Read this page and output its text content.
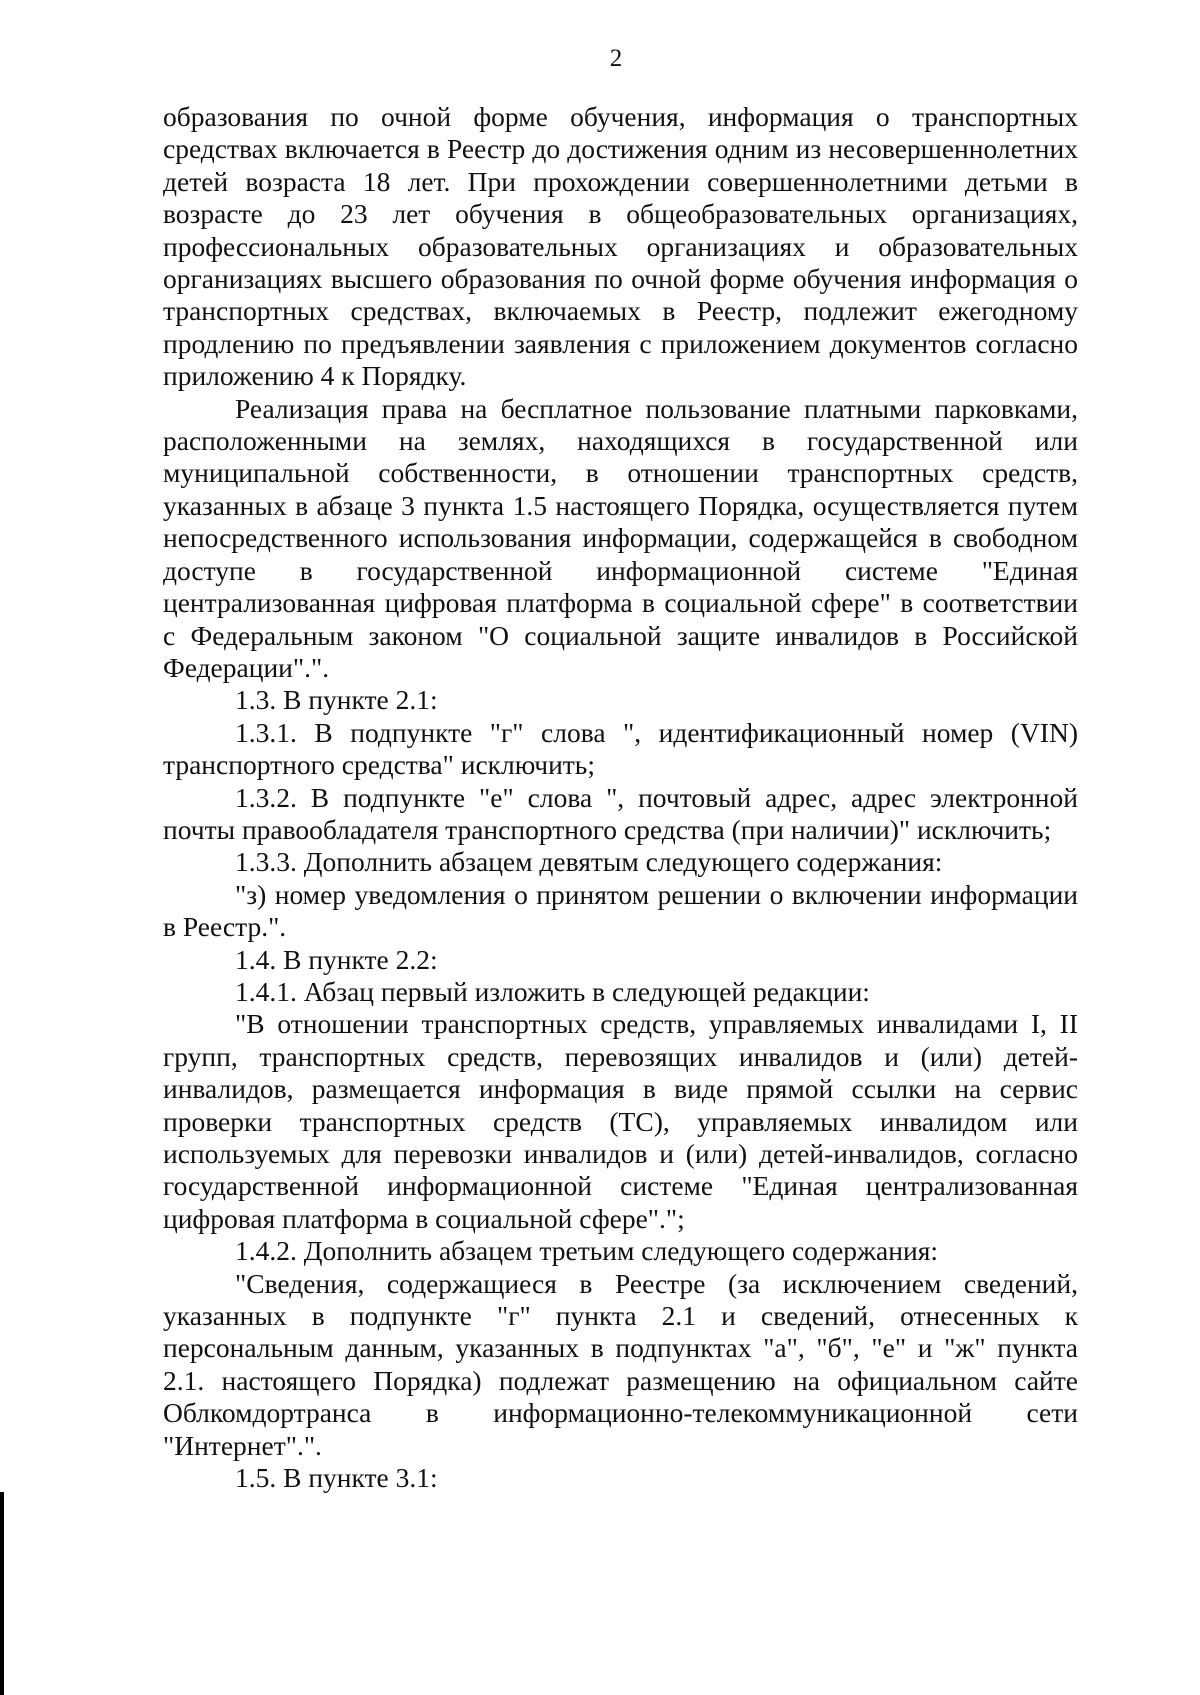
2

образования по очной форме обучения, информация о транспортных средствах включается в Реестр до достижения одним из несовершеннолетних детей возраста 18 лет. При прохождении совершеннолетними детьми в возрасте до 23 лет обучения в общеобразовательных организациях, профессиональных образовательных организациях и образовательных организациях высшего образования по очной форме обучения информация о транспортных средствах, включаемых в Реестр, подлежит ежегодному продлению по предъявлении заявления с приложением документов согласно приложению 4 к Порядку.

Реализация права на бесплатное пользование платными парковками, расположенными на землях, находящихся в государственной или муниципальной собственности, в отношении транспортных средств, указанных в абзаце 3 пункта 1.5 настоящего Порядка, осуществляется путем непосредственного использования информации, содержащейся в свободном доступе в государственной информационной системе "Единая централизованная цифровая платформа в социальной сфере" в соответствии с Федеральным законом "О социальной защите инвалидов в Российской Федерации".".

1.3. В пункте 2.1:

1.3.1. В подпункте "г" слова ", идентификационный номер (VIN) транспортного средства" исключить;

1.3.2. В подпункте "е" слова ", почтовый адрес, адрес электронной почты правообладателя транспортного средства (при наличии)" исключить;

1.3.3. Дополнить абзацем девятым следующего содержания:

"з) номер уведомления о принятом решении о включении информации в Реестр.".

1.4. В пункте 2.2:

1.4.1. Абзац первый изложить в следующей редакции:

"В отношении транспортных средств, управляемых инвалидами I, II групп, транспортных средств, перевозящих инвалидов и (или) детей-инвалидов, размещается информация в виде прямой ссылки на сервис проверки транспортных средств (ТС), управляемых инвалидом или используемых для перевозки инвалидов и (или) детей-инвалидов, согласно государственной информационной системе "Единая централизованная цифровая платформа в социальной сфере".";

1.4.2. Дополнить абзацем третьим следующего содержания:

"Сведения, содержащиеся в Реестре (за исключением сведений, указанных в подпункте "г" пункта 2.1 и сведений, отнесенных к персональным данным, указанных в подпунктах "а", "б", "е" и "ж" пункта 2.1. настоящего Порядка) подлежат размещению на официальном сайте Облкомдортранса в информационно-телекоммуникационной сети "Интернет".".

1.5. В пункте 3.1:
